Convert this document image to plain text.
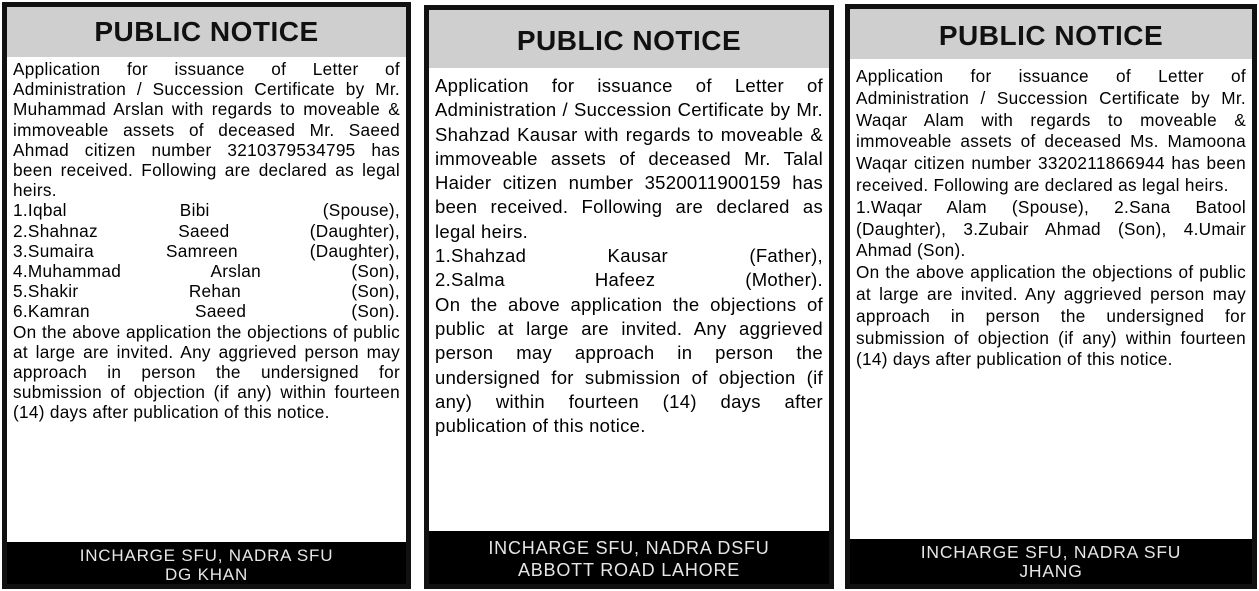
PUBLIC NOTICE

Application for issuance of Letter of Administration / Succession Certificate by Mr. Muhammad Arslan with regards to moveable & immoveable assets of deceased Mr. Saeed Ahmad citizen number 3210379534795 has been received. Following are declared as legal heirs.

1.Iqbal Bibi (Spouse),

2.Shahnaz Saeed (Daughter),

3.Sumaira Samreen (Daughter),

4.Muhammad Arslan (Son),

5.Shakir Rehan (Son),

6.Kamran Saeed (Son).

On the above application the objections of public at large are invited. Any aggrieved person may approach in person the undersigned for submission of objection (if any) within fourteen (14) days after publication of this notice.

INCHARGE SFU, NADRA SFU
DG KHAN
PUBLIC NOTICE

Application for issuance of Letter of Administration / Succession Certificate by Mr. Shahzad Kausar with regards to moveable & immoveable assets of deceased Mr. Talal Haider citizen number 3520011900159 has been received. Following are declared as legal heirs.

1.Shahzad Kausar (Father),

2.Salma Hafeez (Mother).

On the above application the objections of public at large are invited. Any aggrieved person may approach in person the undersigned for submission of objection (if any) within fourteen (14) days after publication of this notice.

INCHARGE SFU, NADRA DSFU
ABBOTT ROAD LAHORE
PUBLIC NOTICE

Application for issuance of Letter of Administration / Succession Certificate by Mr. Waqar Alam with regards to moveable & immoveable assets of deceased Ms. Mamoona Waqar citizen number 3320211866944 has been received. Following are declared as legal heirs.

1.Waqar Alam (Spouse), 2.Sana Batool (Daughter), 3.Zubair Ahmad (Son), 4.Umair Ahmad (Son).

On the above application the objections of public at large are invited. Any aggrieved person may approach in person the undersigned for submission of objection (if any) within fourteen (14) days after publication of this notice.

INCHARGE SFU, NADRA SFU
JHANG
